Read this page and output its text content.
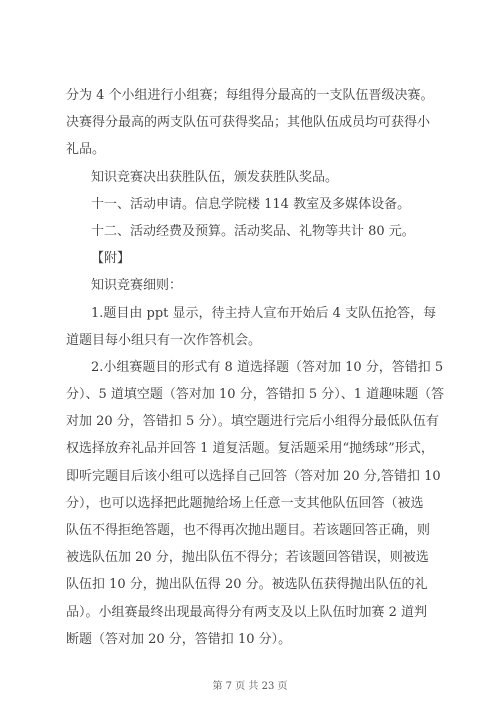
分为 4 个小组进行小组赛；每组得分最高的一支队伍晋级决赛。

决赛得分最高的两支队伍可获得奖品；其他队伍成员均可获得小

礼品。

知识竞赛决出获胜队伍，颁发获胜队奖品。

十一、活动申请。信息学院楼 114 教室及多媒体设备。

十二、活动经费及预算。活动奖品、礼物等共计 80 元。

【附】

知识竞赛细则：

1.题目由 ppt 显示，待主持人宣布开始后 4 支队伍抢答，每

道题目每小组只有一次作答机会。

2.小组赛题目的形式有 8 道选择题（答对加 10 分，答错扣 5

分）、5 道填空题（答对加 10 分，答错扣 5 分）、1 道趣味题（答

对加 20 分，答错扣 5 分）。填空题进行完后小组得分最低队伍有

权选择放弃礼品并回答 1 道复活题。复活题采用“抛绣球”形式，

即听完题目后该小组可以选择自己回答（答对加 20 分,答错扣 10

分），也可以选择把此题抛给场上任意一支其他队伍回答（被选

队伍不得拒绝答题，也不得再次抛出题目。若该题回答正确，则

被选队伍加 20 分，抛出队伍不得分；若该题回答错误，则被选

队伍扣 10 分，抛出队伍得 20 分。被选队伍获得抛出队伍的礼

品）。小组赛最终出现最高得分有两支及以上队伍时加赛 2 道判

断题（答对加 20 分，答错扣 10 分）。

第 7 页 共 23 页
